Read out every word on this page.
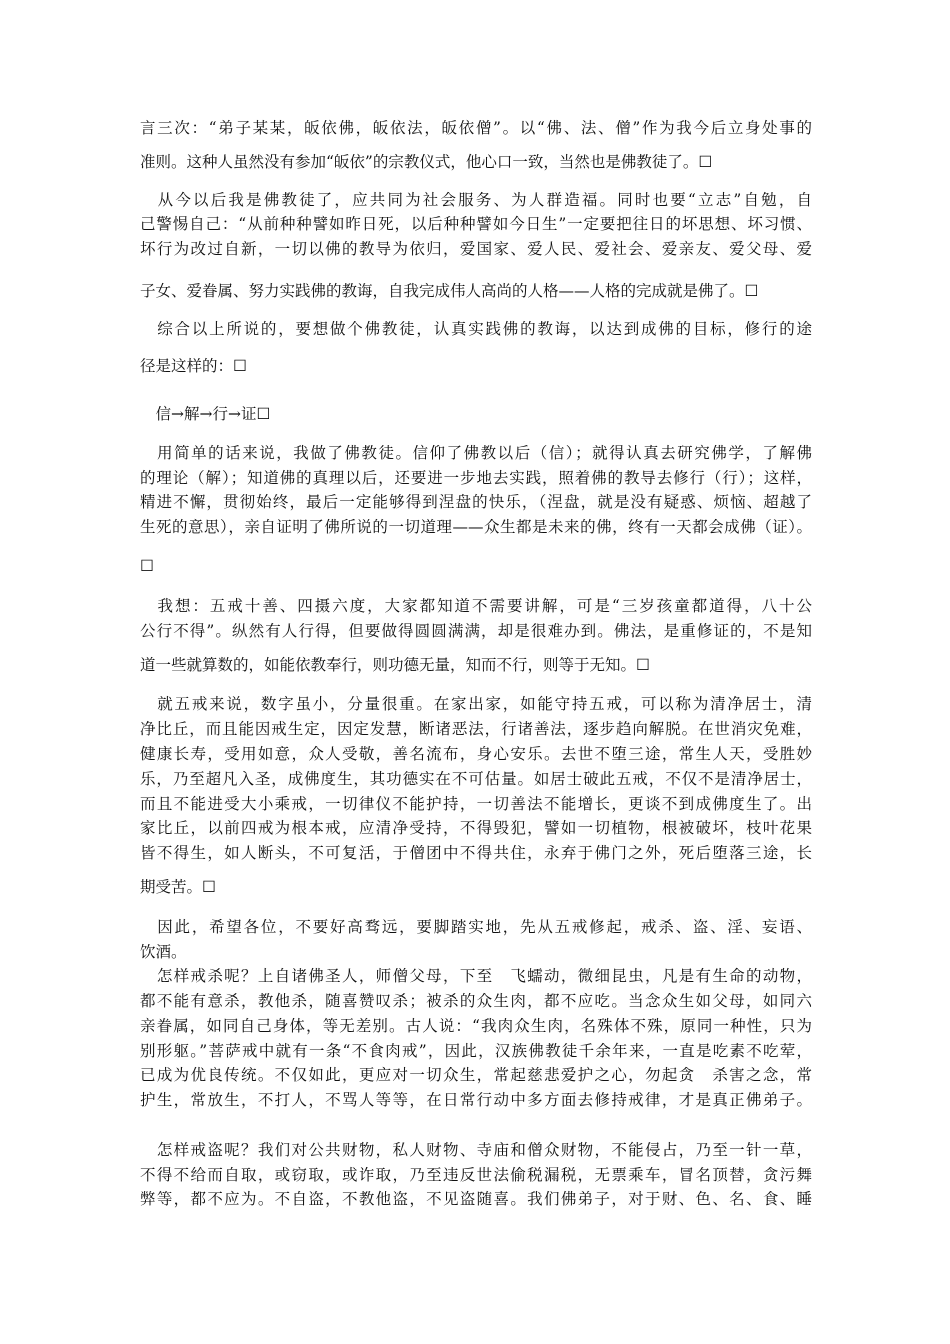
言三次：“弟子某某，皈依佛，皈依法，皈依僧”。以“佛、法、僧”作为我今后立身处事的
准则。这种人虽然没有参加“皈依”的宗教仪式，他心口一致，当然也是佛教徒了。☐
　从今以后我是佛教徒了，应共同为社会服务、为人群造福。同时也要“立志”自勉，自
己警惕自己：“从前种种譬如昨日死，以后种种譬如今日生”一定要把往日的坏思想、坏习惯、
坏行为改过自新，一切以佛的教导为依归，爱国家、爱人民、爱社会、爱亲友、爱父母、爱
子女、爱眷属、努力实践佛的教诲，自我完成伟人高尚的人格——人格的完成就是佛了。☐
　综合以上所说的，要想做个佛教徒，认真实践佛的教诲，以达到成佛的目标，修行的途
径是这样的：☐
　信→解→行→证☐
　用简单的话来说，我做了佛教徒。信仰了佛教以后（信）；就得认真去研究佛学，了解佛
的理论（解）；知道佛的真理以后，还要进一步地去实践，照着佛的教导去修行（行）；这样，
精进不懈，贯彻始终，最后一定能够得到涅盘的快乐，（涅盘，就是没有疑惑、烦恼、超越了
生死的意思），亲自证明了佛所说的一切道理——众生都是未来的佛，终有一天都会成佛（证）。
☐
　我想：五戒十善、四摄六度，大家都知道不需要讲解，可是“三岁孩童都道得，八十公
公行不得”。纵然有人行得，但要做得圆圆满满，却是很难办到。佛法，是重修证的，不是知
道一些就算数的，如能依教奉行，则功德无量，知而不行，则等于无知。☐
　就五戒来说，数字虽小，分量很重。在家出家，如能守持五戒，可以称为清净居士，清
净比丘，而且能因戒生定，因定发慧，断诸恶法，行诸善法，逐步趋向解脱。在世消灾免难，
健康长寿，受用如意，众人受敬，善名流布，身心安乐。去世不堕三途，常生人天，受胜妙
乐，乃至超凡入圣，成佛度生，其功德实在不可估量。如居士破此五戒，不仅不是清净居士，
而且不能进受大小乘戒，一切律仪不能护持，一切善法不能增长，更谈不到成佛度生了。出
家比丘，以前四戒为根本戒，应清净受持，不得毁犯，譬如一切植物，根被破坏，枝叶花果
皆不得生，如人断头，不可复活，于僧团中不得共住，永弃于佛门之外，死后堕落三途，长
期受苦。☐
　因此，希望各位，不要好高骛远，要脚踏实地，先从五戒修起，戒杀、盗、淫、妄语、
饮酒。
　怎样戒杀呢？上自诸佛圣人，师僧父母，下至　飞蠕动，微细昆虫，凡是有生命的动物，
都不能有意杀，教他杀，随喜赞叹杀；被杀的众生肉，都不应吃。当念众生如父母，如同六
亲眷属，如同自己身体，等无差别。古人说：“我肉众生肉，名殊体不殊，原同一种性，只为
别形躯。”菩萨戒中就有一条“不食肉戒”，因此，汉族佛教徒千余年来，一直是吃素不吃荤，
已成为优良传统。不仅如此，更应对一切众生，常起慈悲爱护之心，勿起贪　杀害之念，常
护生，常放生，不打人，不骂人等等，在日常行动中多方面去修持戒律，才是真正佛弟子。

　怎样戒盗呢？我们对公共财物，私人财物、寺庙和僧众财物，不能侵占，乃至一针一草，
不得不给而自取，或窃取，或诈取，乃至违反世法偷税漏税，无票乘车，冒名顶替，贪污舞
弊等，都不应为。不自盗，不教他盗，不见盗随喜。我们佛弟子，对于财、色、名、食、睡
